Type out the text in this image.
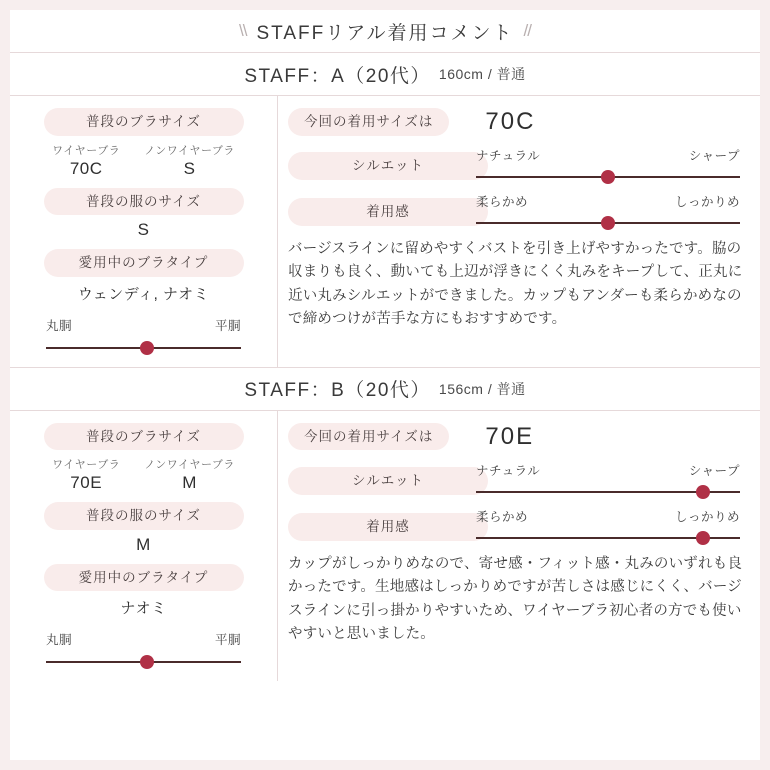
\\ STAFFリアル着用コメント //
STAFF：A（20代） 160cm / 普通
普段のブラサイズ
ワイヤーブラ
70C
ノンワイヤーブラ
S
普段の服のサイズ
S
愛用中のブラタイプ
ウェンディ, ナオミ
丸胴	平胴
今回の着用サイズは	70C
シルエット
ナチュラル	シャープ
着用感
柔らかめ	しっかりめ
バージスラインに留めやすくバストを引き上げやすかったです。脇の収まりも良く、動いても上辺が浮きにくく丸みをキープして、正丸に近い丸みシルエットができました。カップもアンダーも柔らかめなので締めつけが苦手な方にもおすすめです。
STAFF：B（20代） 156cm / 普通
普段のブラサイズ
ワイヤーブラ
70E
ノンワイヤーブラ
M
普段の服のサイズ
M
愛用中のブラタイプ
ナオミ
丸胴	平胴
今回の着用サイズは	70E
シルエット
ナチュラル	シャープ
着用感
柔らかめ	しっかりめ
カップがしっかりめなので、寄せ感・フィット感・丸みのいずれも良かったです。生地感はしっかりめですが苦しさは感じにくく、バージスラインに引っ掛かりやすいため、ワイヤーブラ初心者の方でも使いやすいと思いました。
